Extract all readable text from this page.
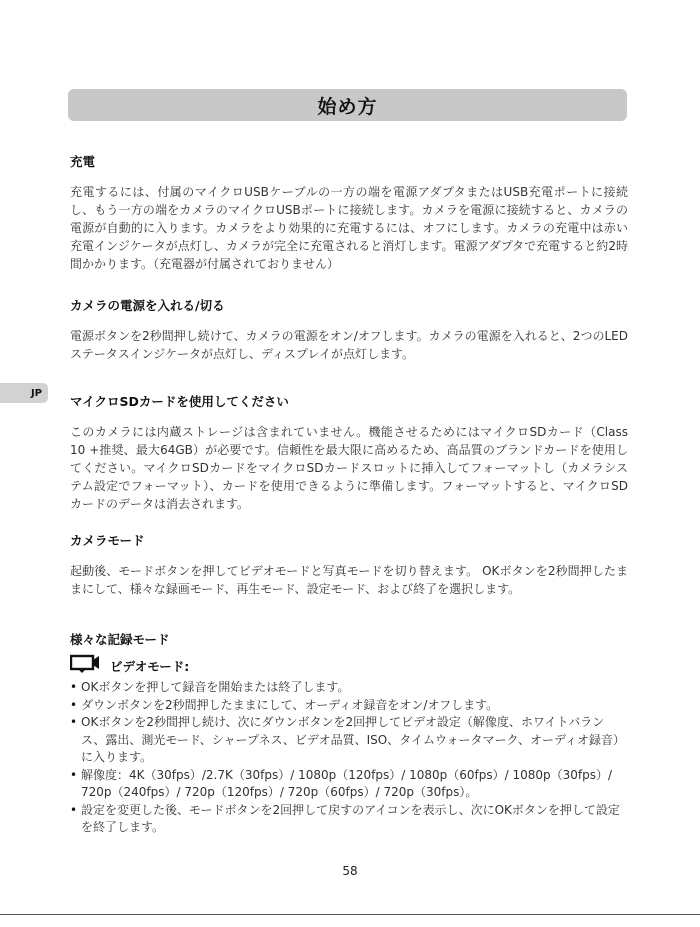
始め方
JP
充電

充電するには、付属のマイクロUSBケーブルの一方の端を電源アダプタまたはUSB充電ポートに接続し、もう一方の端をカメラのマイクロUSBポートに接続します。カメラを電源に接続すると、カメラの電源が自動的に入ります。カメラをより効果的に充電するには、オフにします。カメラの充電中は赤い充電インジケータが点灯し、カメラが完全に充電されると消灯します。電源アダプタで充電すると約2時間かかります。（充電器が付属されておりません）

カメラの電源を入れる/切る

電源ボタンを2秒間押し続けて、カメラの電源をオン/オフします。カメラの電源を入れると、2つのLEDステータスインジケータが点灯し、ディスプレイが点灯します。

マイクロSDカードを使用してください

このカメラには内蔵ストレージは含まれていません。機能させるためにはマイクロSDカード（Class 10 +推奨、最大64GB）が必要です。信頼性を最大限に高めるため、高品質のブランドカードを使用してください。マイクロSDカードをマイクロSDカードスロットに挿入してフォーマットし（カメラシステム設定でフォーマット）、カードを使用できるように準備します。フォーマットすると、マイクロSDカードのデータは消去されます。

カメラモード

起動後、モードボタンを押してビデオモードと写真モードを切り替えます。 OKボタンを2秒間押したままにして、様々な録画モード、再生モード、設定モード、および終了を選択します。

様々な記録モード
ビデオモード:
• OKボタンを押して録音を開始または終了します。
• ダウンボタンを2秒間押したままにして、オーディオ録音をオン/オフします。
• OKボタンを2秒間押し続け、次にダウンボタンを2回押してビデオ設定（解像度、ホワイトバランス、露出、測光モード、シャープネス、ビデオ品質、ISO、タイムウォータマーク、オーディオ録音）に入ります。
• 解像度：4K（30fps）/2.7K（30fps）/ 1080p（120fps）/ 1080p（60fps）/ 1080p（30fps）/ 720p（240fps）/ 720p（120fps）/ 720p（60fps）/ 720p（30fps）。
• 設定を変更した後、モードボタンを2回押して戻すのアイコンを表示し、次にOKボタンを押して設定を終了します。
58
